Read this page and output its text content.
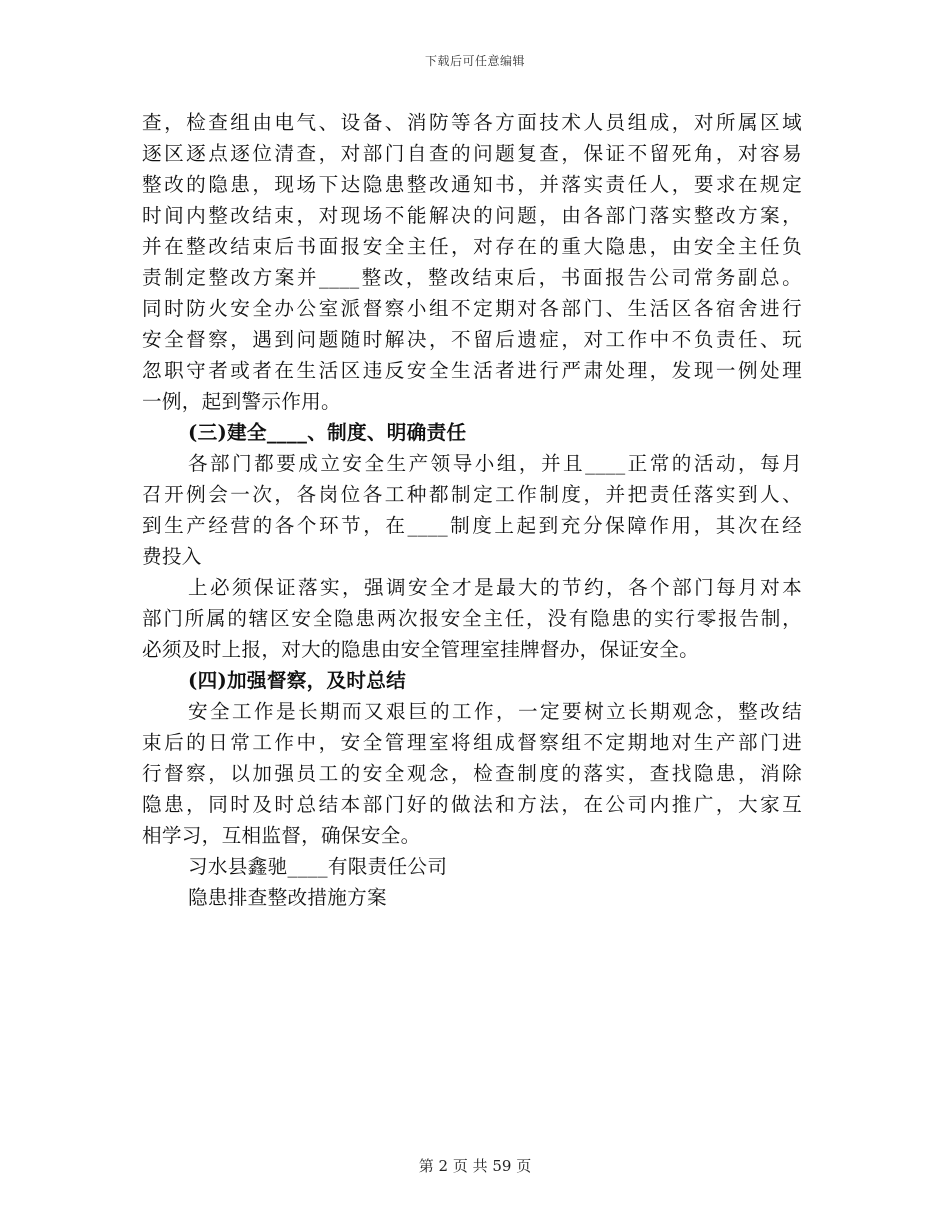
下载后可任意编辑
查，检查组由电气、设备、消防等各方面技术人员组成，对所属区域
逐区逐点逐位清查，对部门自查的问题复查，保证不留死角，对容易
整改的隐患，现场下达隐患整改通知书，并落实责任人，要求在规定
时间内整改结束，对现场不能解决的问题，由各部门落实整改方案，
并在整改结束后书面报安全主任，对存在的重大隐患，由安全主任负
责制定整改方案并____整改，整改结束后，书面报告公司常务副总。
同时防火安全办公室派督察小组不定期对各部门、生活区各宿舍进行
安全督察，遇到问题随时解决，不留后遗症，对工作中不负责任、玩
忽职守者或者在生活区违反安全生活者进行严肃处理，发现一例处理
一例，起到警示作用。
(三)建全____、制度、明确责任
各部门都要成立安全生产领导小组，并且____正常的活动，每月
召开例会一次，各岗位各工种都制定工作制度，并把责任落实到人、
到生产经营的各个环节，在____制度上起到充分保障作用，其次在经
费投入
上必须保证落实，强调安全才是最大的节约，各个部门每月对本
部门所属的辖区安全隐患两次报安全主任，没有隐患的实行零报告制，
必须及时上报，对大的隐患由安全管理室挂牌督办，保证安全。
(四)加强督察，及时总结
安全工作是长期而又艰巨的工作，一定要树立长期观念，整改结
束后的日常工作中，安全管理室将组成督察组不定期地对生产部门进
行督察，以加强员工的安全观念，检查制度的落实，查找隐患，消除
隐患，同时及时总结本部门好的做法和方法，在公司内推广，大家互
相学习，互相监督，确保安全。
习水县鑫驰____有限责任公司
隐患排查整改措施方案
第 2 页 共 59 页
